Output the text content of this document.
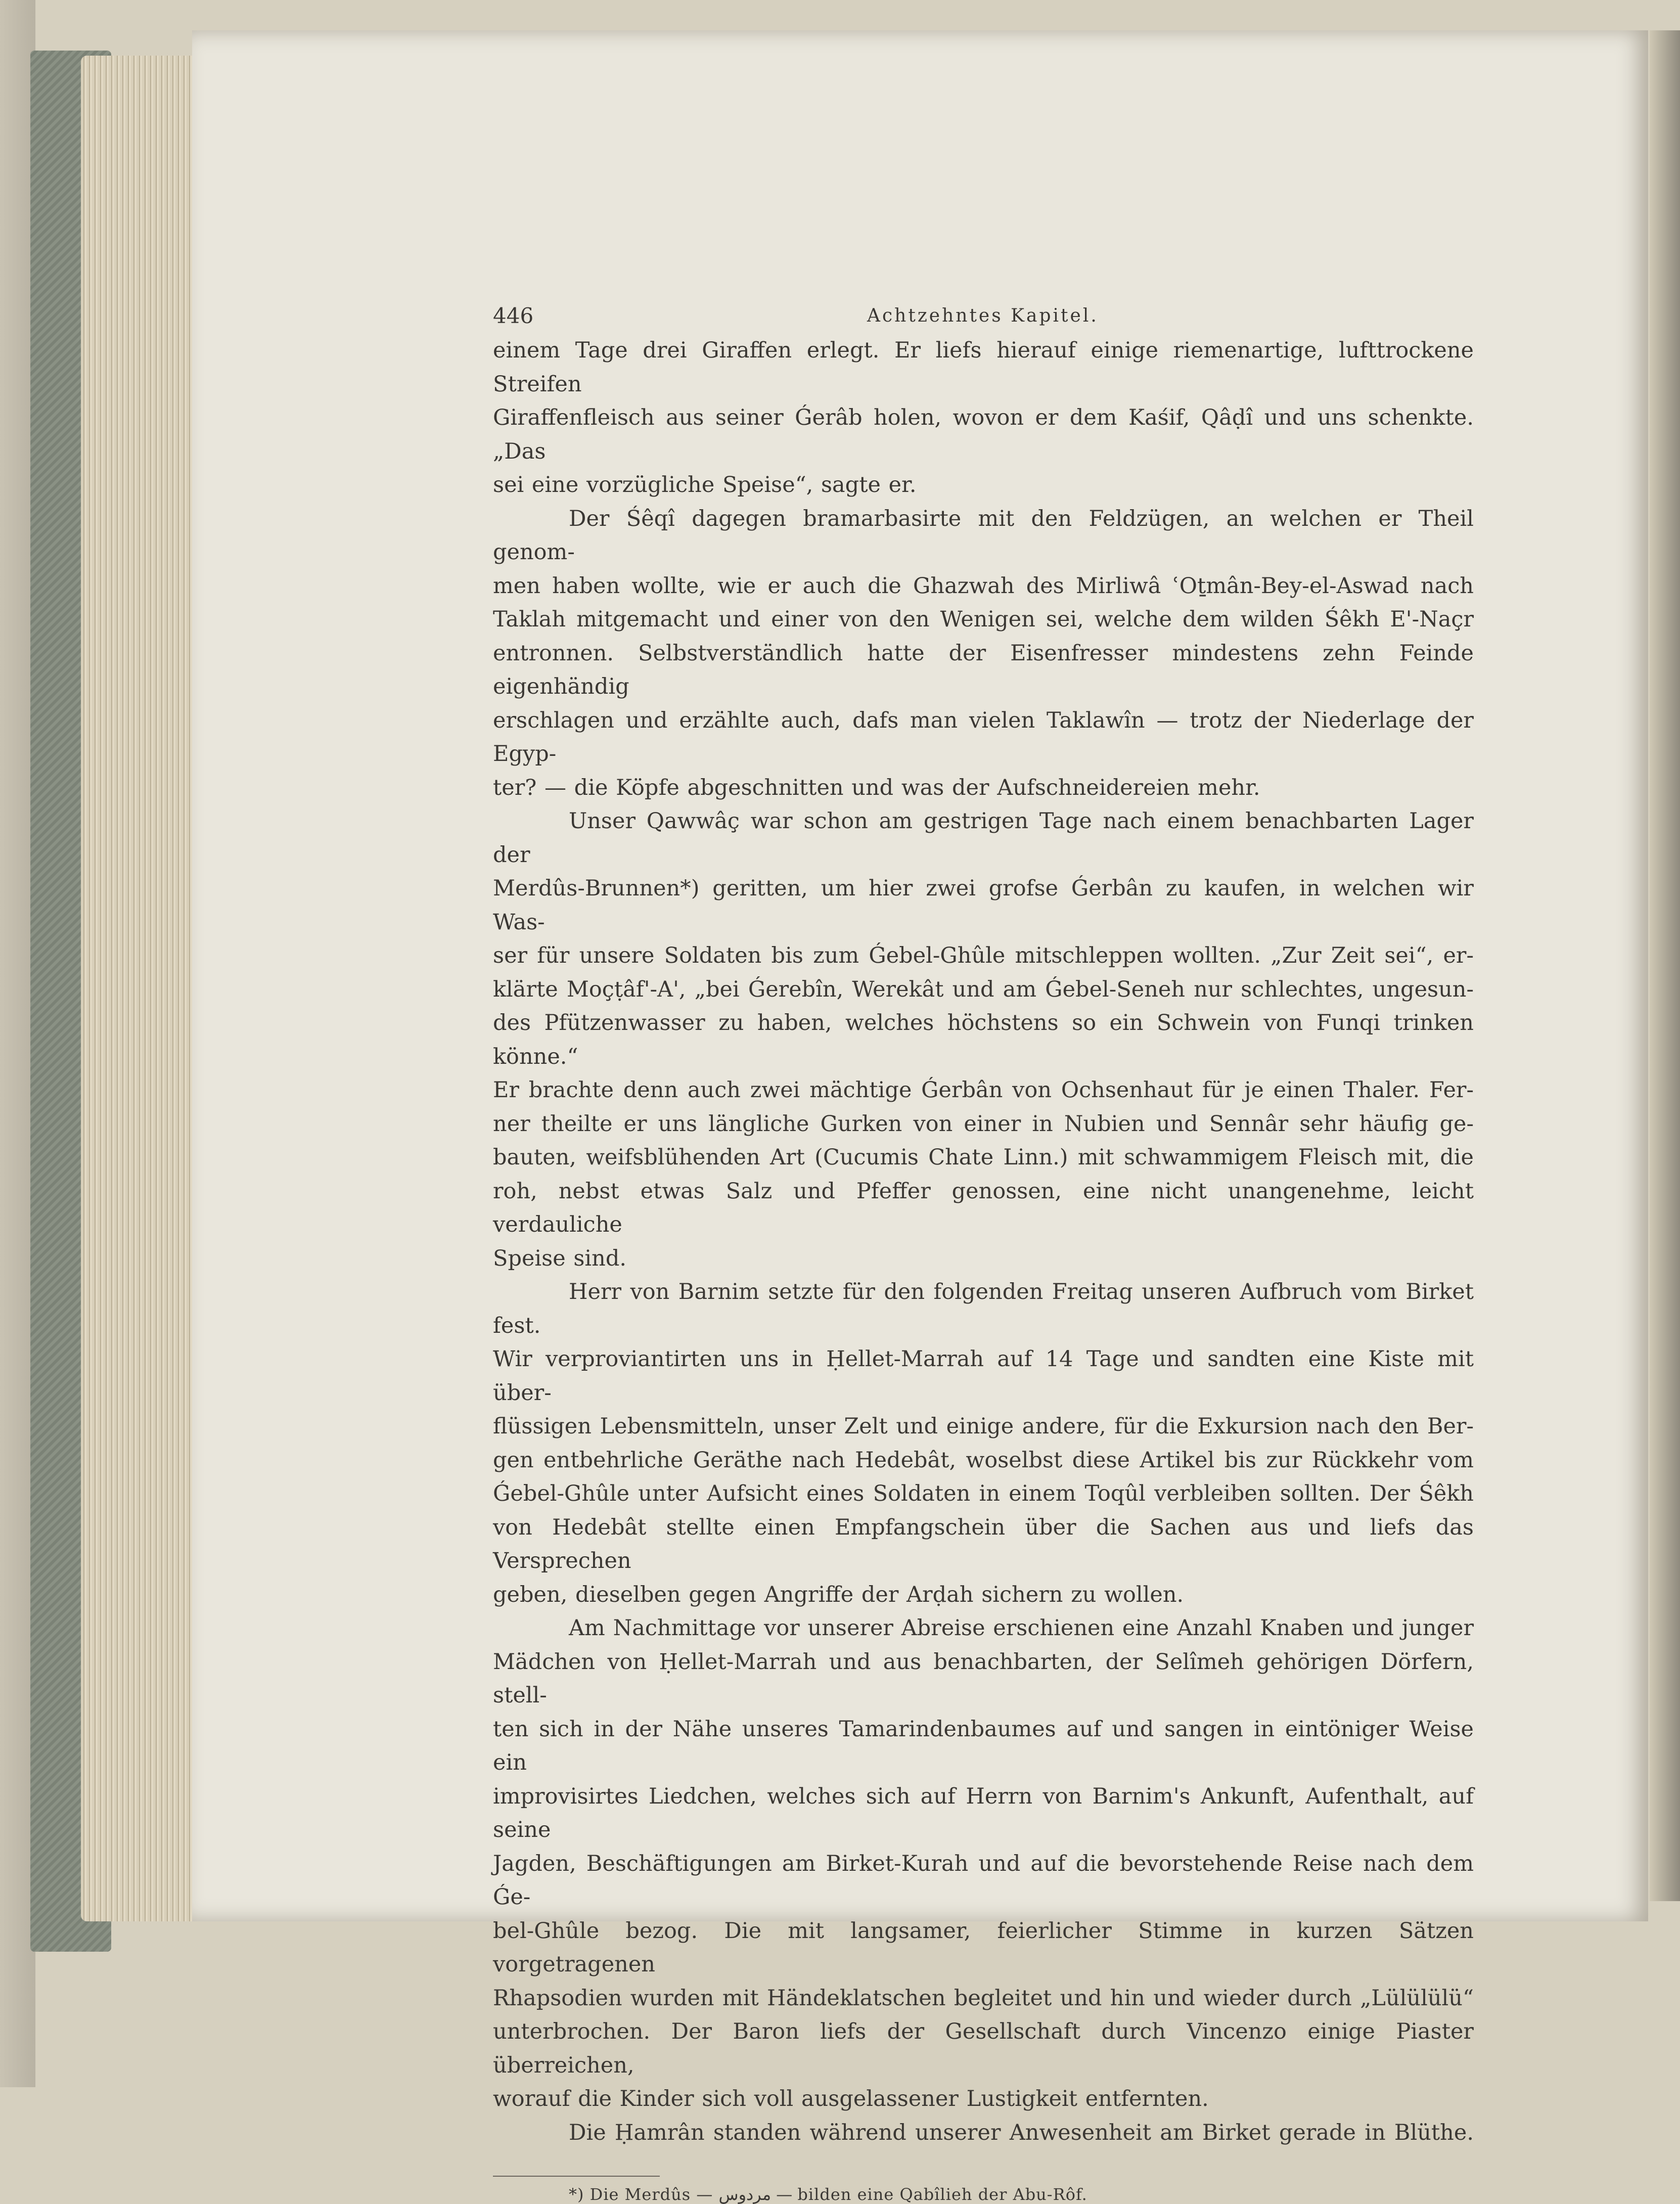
446	Achtzehntes Kapitel.

einem Tage drei Giraffen erlegt. Er liefs hierauf einige riemenartige, lufttrockene Streifen

Giraffenfleisch aus seiner Ǵerâb holen, wovon er dem Kaśif, Qâḍî und uns schenkte. „Das

sei eine vorzügliche Speise“, sagte er.

Der Śêqî dagegen bramarbasirte mit den Feldzügen, an welchen er Theil genom-

men haben wollte, wie er auch die Ghazwah des Mirliwâ ʿOṯmân-Bey-el-Aswad nach

Taklah mitgemacht und einer von den Wenigen sei, welche dem wilden Śêkh E'-Naçr

entronnen. Selbstverständlich hatte der Eisenfresser mindestens zehn Feinde eigenhändig

erschlagen und erzählte auch, dafs man vielen Taklawîn — trotz der Niederlage der Egyp-

ter? — die Köpfe abgeschnitten und was der Aufschneidereien mehr.

Unser Qawwâç war schon am gestrigen Tage nach einem benachbarten Lager der

Merdûs-Brunnen*) geritten, um hier zwei grofse Ǵerbân zu kaufen, in welchen wir Was-

ser für unsere Soldaten bis zum Ǵebel-Ghûle mitschleppen wollten. „Zur Zeit sei“, er-

klärte Moçṭâf'-A', „bei Ǵerebîn, Werekât und am Ǵebel-Seneh nur schlechtes, ungesun-

des Pfützenwasser zu haben, welches höchstens so ein Schwein von Funqi trinken könne.“

Er brachte denn auch zwei mächtige Ǵerbân von Ochsenhaut für je einen Thaler. Fer-

ner theilte er uns längliche Gurken von einer in Nubien und Sennâr sehr häufig ge-

bauten, weifsblühenden Art (Cucumis Chate Linn.) mit schwammigem Fleisch mit, die

roh, nebst etwas Salz und Pfeffer genossen, eine nicht unangenehme, leicht verdauliche

Speise sind.

Herr von Barnim setzte für den folgenden Freitag unseren Aufbruch vom Birket fest.

Wir verproviantirten uns in Ḥellet-Marrah auf 14 Tage und sandten eine Kiste mit über-

flüssigen Lebensmitteln, unser Zelt und einige andere, für die Exkursion nach den Ber-

gen entbehrliche Geräthe nach Hedebât, woselbst diese Artikel bis zur Rückkehr vom

Ǵebel-Ghûle unter Aufsicht eines Soldaten in einem Toqûl verbleiben sollten. Der Śêkh

von Hedebât stellte einen Empfangschein über die Sachen aus und liefs das Versprechen

geben, dieselben gegen Angriffe der Arḍah sichern zu wollen.

Am Nachmittage vor unserer Abreise erschienen eine Anzahl Knaben und junger

Mädchen von Ḥellet-Marrah und aus benachbarten, der Selîmeh gehörigen Dörfern, stell-

ten sich in der Nähe unseres Tamarindenbaumes auf und sangen in eintöniger Weise ein

improvisirtes Liedchen, welches sich auf Herrn von Barnim's Ankunft, Aufenthalt, auf seine

Jagden, Beschäftigungen am Birket-Kurah und auf die bevorstehende Reise nach dem Ǵe-

bel-Ghûle bezog. Die mit langsamer, feierlicher Stimme in kurzen Sätzen vorgetragenen

Rhapsodien wurden mit Händeklatschen begleitet und hin und wieder durch „Lülülülü“

unterbrochen. Der Baron liefs der Gesellschaft durch Vincenzo einige Piaster überreichen,

worauf die Kinder sich voll ausgelassener Lustigkeit entfernten.

Die Ḥamrân standen während unserer Anwesenheit am Birket gerade in Blüthe.

*) Die Merdûs — مردوس — bilden eine Qabîlieh der Abu-Rôf.
